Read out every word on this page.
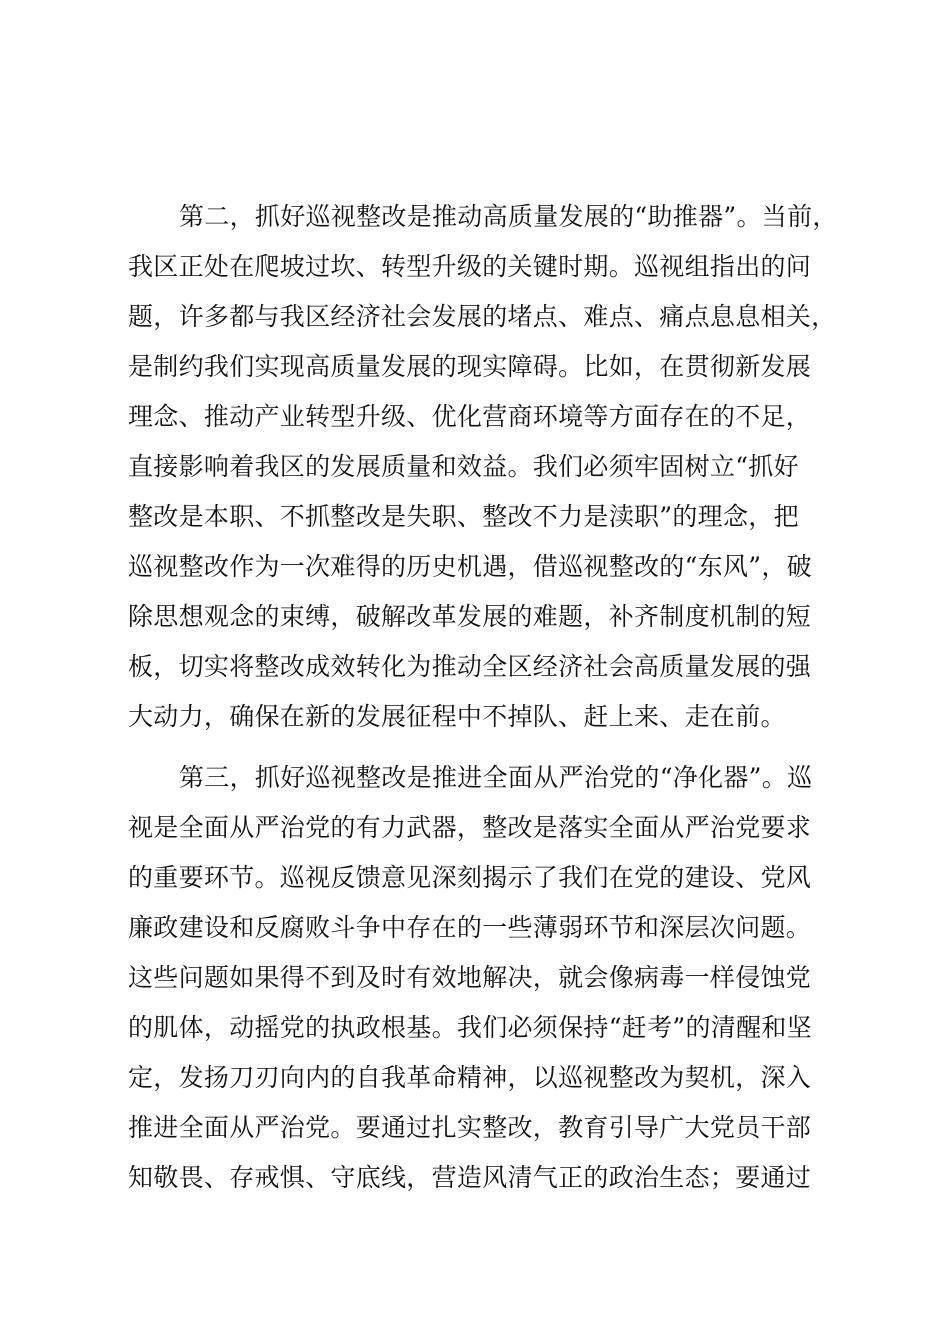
第二，抓好巡视整改是推动高质量发展的“助推器”。当前，
我区正处在爬坡过坎、转型升级的关键时期。巡视组指出的问
题，许多都与我区经济社会发展的堵点、难点、痛点息息相关，
是制约我们实现高质量发展的现实障碍。比如，在贯彻新发展
理念、推动产业转型升级、优化营商环境等方面存在的不足，
直接影响着我区的发展质量和效益。我们必须牢固树立“抓好
整改是本职、不抓整改是失职、整改不力是渎职”的理念，把
巡视整改作为一次难得的历史机遇，借巡视整改的“东风”，破
除思想观念的束缚，破解改革发展的难题，补齐制度机制的短
板，切实将整改成效转化为推动全区经济社会高质量发展的强
大动力，确保在新的发展征程中不掉队、赶上来、走在前。

第三，抓好巡视整改是推进全面从严治党的“净化器”。巡
视是全面从严治党的有力武器，整改是落实全面从严治党要求
的重要环节。巡视反馈意见深刻揭示了我们在党的建设、党风
廉政建设和反腐败斗争中存在的一些薄弱环节和深层次问题。
这些问题如果得不到及时有效地解决，就会像病毒一样侵蚀党
的肌体，动摇党的执政根基。我们必须保持“赶考”的清醒和坚
定，发扬刀刃向内的自我革命精神，以巡视整改为契机，深入
推进全面从严治党。要通过扎实整改，教育引导广大党员干部
知敬畏、存戒惧、守底线，营造风清气正的政治生态；要通过
